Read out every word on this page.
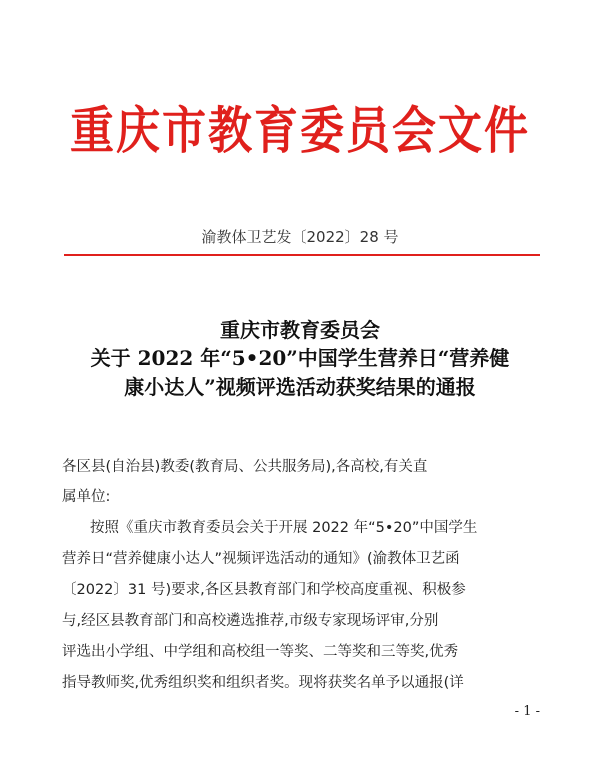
重庆市教育委员会文件
渝教体卫艺发〔2022〕28 号
重庆市教育委员会
关于 2022 年“5•20”中国学生营养日“营养健
康小达人”视频评选活动获奖结果的通报
各区县(自治县)教委(教育局、公共服务局),各高校,有关直
属单位:
按照《重庆市教育委员会关于开展 2022 年“5•20”中国学生
营养日“营养健康小达人”视频评选活动的通知》(渝教体卫艺函
〔2022〕31 号)要求,各区县教育部门和学校高度重视、积极参
与,经区县教育部门和高校遴选推荐,市级专家现场评审,分别
评选出小学组、中学组和高校组一等奖、二等奖和三等奖,优秀
指导教师奖,优秀组织奖和组织者奖。现将获奖名单予以通报(详
- 1 -
